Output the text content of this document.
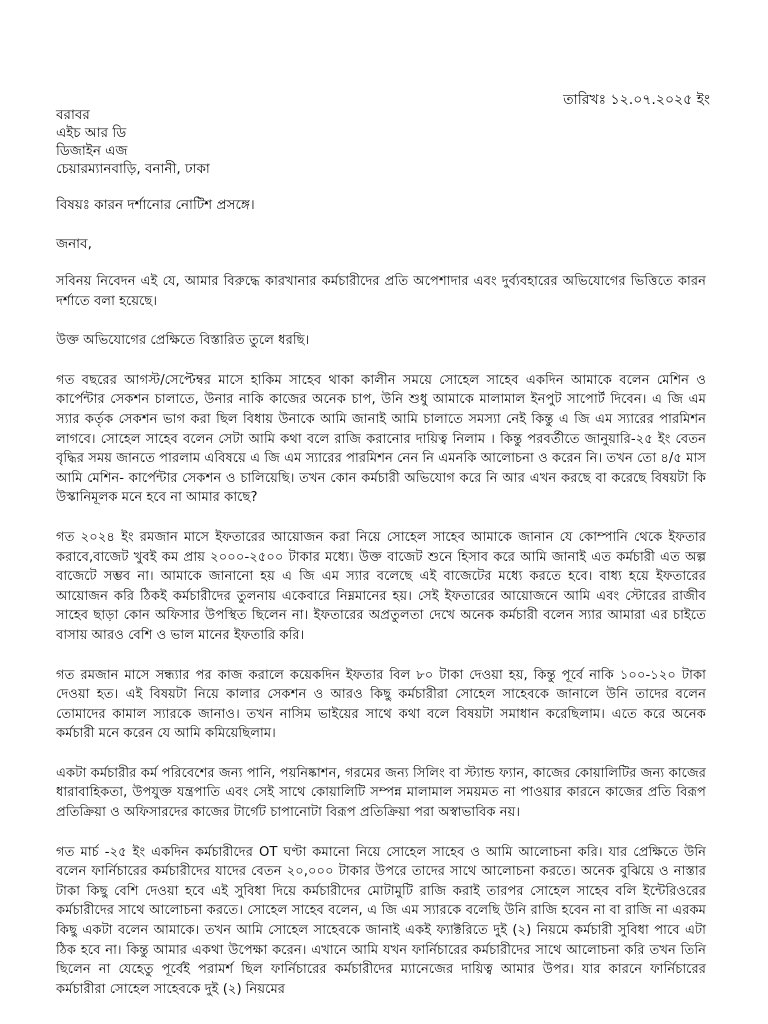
তারিখঃ ১২.০৭.২০২৫ ইং
বরাবর
এইচ আর ডি
ডিজাইন এজ
চেয়ারম্যানবাড়ি, বনানী, ঢাকা
বিষয়ঃ কারন দর্শানোর নোটিশ প্রসঙ্গে।
জনাব,
সবিনয় নিবেদন এই যে, আমার বিরুদ্ধে কারখানার কর্মচারীদের প্রতি অপেশাদার এবং দুর্ব্যবহারের অভিযোগের ভিত্তিতে কারন দর্শাতে বলা হয়েছে।
উক্ত অভিযোগের প্রেক্ষিতে বিস্তারিত তুলে ধরছি।
গত বছরের আগস্ট/সেপ্টেম্বর মাসে হাকিম সাহেব থাকা কালীন সময়ে সোহেল সাহেব একদিন আমাকে বলেন মেশিন ও কার্পেন্টার সেকশন চালাতে, উনার নাকি কাজের অনেক চাপ, উনি শুধু আমাকে মালামাল ইনপুট সাপোর্ট দিবেন। এ জি এম স্যার কর্তৃক সেকশন ভাগ করা ছিল বিধায় উনাকে আমি জানাই আমি চালাতে সমস্যা নেই কিন্তু এ জি এম স্যারের পারমিশন লাগবে। সোহেল সাহেব বলেন সেটা আমি কথা বলে রাজি করানোর দায়িত্ব নিলাম । কিন্তু পরবর্তীতে জানুয়ারি-২৫ ইং বেতন বৃদ্ধির সময় জানতে পারলাম এবিষয়ে এ জি এম স্যারের পারমিশন নেন নি এমনকি আলোচনা ও করেন নি। তখন তো ৪/৫ মাস আমি মেশিন- কার্পেন্টার সেকশন ও চালিয়েছি। তখন কোন কর্মচারী অভিযোগ করে নি আর এখন করছে বা করেছে বিষয়টা কি উস্কানিমূলক মনে হবে না আমার কাছে?
গত ২০২৪ ইং রমজান মাসে ইফতারের আয়োজন করা নিয়ে সোহেল সাহেব আমাকে জানান যে কোম্পানি থেকে ইফতার করাবে,বাজেট খুবই কম প্রায় ২০০০-২৫০০ টাকার মধ্যে। উক্ত বাজেট শুনে হিসাব করে আমি জানাই এত কর্মচারী এত অল্প বাজেটে সম্ভব না। আমাকে জানানো হয় এ জি এম স্যার বলেছে এই বাজেটের মধ্যে করতে হবে। বাধ্য হয়ে ইফতারের আয়োজন করি ঠিকই কর্মচারীদের তুলনায় একেবারে নিম্নমানের হয়। সেই ইফতারের আয়োজনে আমি এবং স্টোরের রাজীব সাহেব ছাড়া কোন অফিসার উপস্থিত ছিলেন না। ইফতারের অপ্রতুলতা দেখে অনেক কর্মচারী বলেন স্যার আমারা এর চাইতে বাসায় আরও বেশি ও ভাল মানের ইফতারি করি।
গত রমজান মাসে সন্ধ্যার পর কাজ করালে কয়েকদিন ইফতার বিল ৮০ টাকা দেওয়া হয়, কিন্তু পূর্বে নাকি ১০০-১২০ টাকা দেওয়া হত। এই বিষয়টা নিয়ে কালার সেকশন ও আরও কিছু কর্মচারীরা সোহেল সাহেবকে জানালে উনি তাদের বলেন তোমাদের কামাল স্যারকে জানাও। তখন নাসিম ভাইয়ের সাথে কথা বলে বিষয়টা সমাধান করেছিলাম। এতে করে অনেক কর্মচারী মনে করেন যে আমি কমিয়েছিলাম।
একটা কর্মচারীর কর্ম পরিবেশের জন্য পানি, পয়নিষ্কাশন, গরমের জন্য সিলিং বা স্ট্যান্ড ফ্যান, কাজের কোয়ালিটির জন্য কাজের ধারাবাহিকতা, উপযুক্ত যন্ত্রপাতি এবং সেই সাথে কোয়ালিটি সম্পন্ন মালামাল সময়মত না পাওয়ার কারনে কাজের প্রতি বিরূপ প্রতিক্রিয়া ও অফিসারদের কাজের টার্গেট চাপানোটা বিরূপ প্রতিক্রিয়া পরা অস্বাভাবিক নয়।
গত মার্চ -২৫ ইং একদিন কর্মচারীদের OT ঘণ্টা কমানো নিয়ে সোহেল সাহেব ও আমি আলোচনা করি। যার প্রেক্ষিতে উনি বলেন ফার্নিচারের কর্মচারীদের যাদের বেতন ২০,০০০ টাকার উপরে তাদের সাথে আলোচনা করতে। অনেক বুঝিয়ে ও নাস্তার টাকা কিছু বেশি দেওয়া হবে এই সুবিধা দিয়ে কর্মচারীদের মোটামুটি রাজি করাই তারপর সোহেল সাহেব বলি ইন্টেরিওরের কর্মচারীদের সাথে আলোচনা করতে। সোহেল সাহেব বলেন, এ জি এম স্যারকে বলেছি উনি রাজি হবেন না বা রাজি না এরকম কিছু একটা বলেন আমাকে। তখন আমি সোহেল সাহেবকে জানাই একই ফ্যাক্টরিতে দুই (২) নিয়মে কর্মচারী সুবিধা পাবে এটা ঠিক হবে না। কিন্তু আমার একথা উপেক্ষা করেন। এখানে আমি যখন ফার্নিচারের কর্মচারীদের সাথে আলোচনা করি তখন তিনি ছিলেন না যেহেতু পূর্বেই পরামর্শ ছিল ফার্নিচারের কর্মচারীদের ম্যানেজের দায়িত্ব আমার উপর। যার কারনে ফার্নিচারের কর্মচারীরা সোহেল সাহেবকে দুই (২) নিয়মের
